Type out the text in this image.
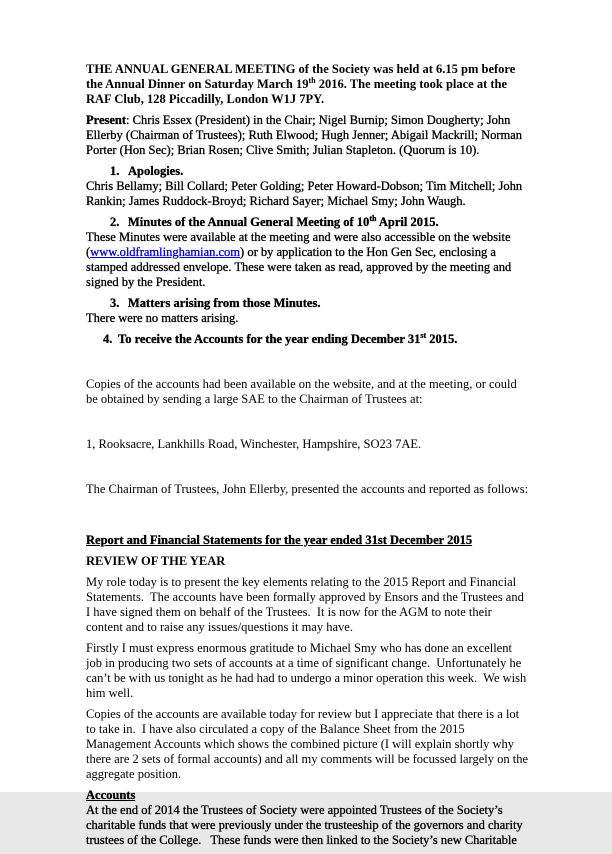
THE ANNUAL GENERAL MEETING of the Society was held at 6.15 pm before the Annual Dinner on Saturday March 19th 2016. The meeting took place at the RAF Club, 128 Piccadilly, London W1J 7PY.

Present: Chris Essex (President) in the Chair; Nigel Burnip; Simon Dougherty; John Ellerby (Chairman of Trustees); Ruth Elwood; Hugh Jenner; Abigail Mackrill; Norman Porter (Hon Sec); Brian Rosen; Clive Smith; Julian Stapleton. (Quorum is 10).

1. Apologies.

Chris Bellamy; Bill Collard; Peter Golding; Peter Howard-Dobson; Tim Mitchell; John Rankin; James Ruddock-Broyd; Richard Sayer; Michael Smy; John Waugh.

2. Minutes of the Annual General Meeting of 10th April 2015.

These Minutes were available at the meeting and were also accessible on the website (www.oldframlinghamian.com) or by application to the Hon Gen Sec, enclosing a stamped addressed envelope. These were taken as read, approved by the meeting and signed by the President.

3. Matters arising from those Minutes.

There were no matters arising.

4. To receive the Accounts for the year ending December 31st 2015.

Copies of the accounts had been available on the website, and at the meeting, or could be obtained by sending a large SAE to the Chairman of Trustees at:

1, Rooksacre, Lankhills Road, Winchester, Hampshire, SO23 7AE.

The Chairman of Trustees, John Ellerby, presented the accounts and reported as follows:

Report and Financial Statements for the year ended 31st December 2015

REVIEW OF THE YEAR

My role today is to present the key elements relating to the 2015 Report and Financial Statements.  The accounts have been formally approved by Ensors and the Trustees and I have signed them on behalf of the Trustees.  It is now for the AGM to note their content and to raise any issues/questions it may have.

Firstly I must express enormous gratitude to Michael Smy who has done an excellent job in producing two sets of accounts at a time of significant change.  Unfortunately he can’t be with us tonight as he had had to undergo a minor operation this week.  We wish him well.

Copies of the accounts are available today for review but I appreciate that there is a lot to take in.  I have also circulated a copy of the Balance Sheet from the 2015 Management Accounts which shows the combined picture (I will explain shortly why there are 2 sets of formal accounts) and all my comments will be focussed largely on the aggregate position.

Accounts

At the end of 2014 the Trustees of Society were appointed Trustees of the Society’s charitable funds that were previously under the trusteeship of the governors and charity trustees of the College.   These funds were then linked to the Society’s new Charitable
